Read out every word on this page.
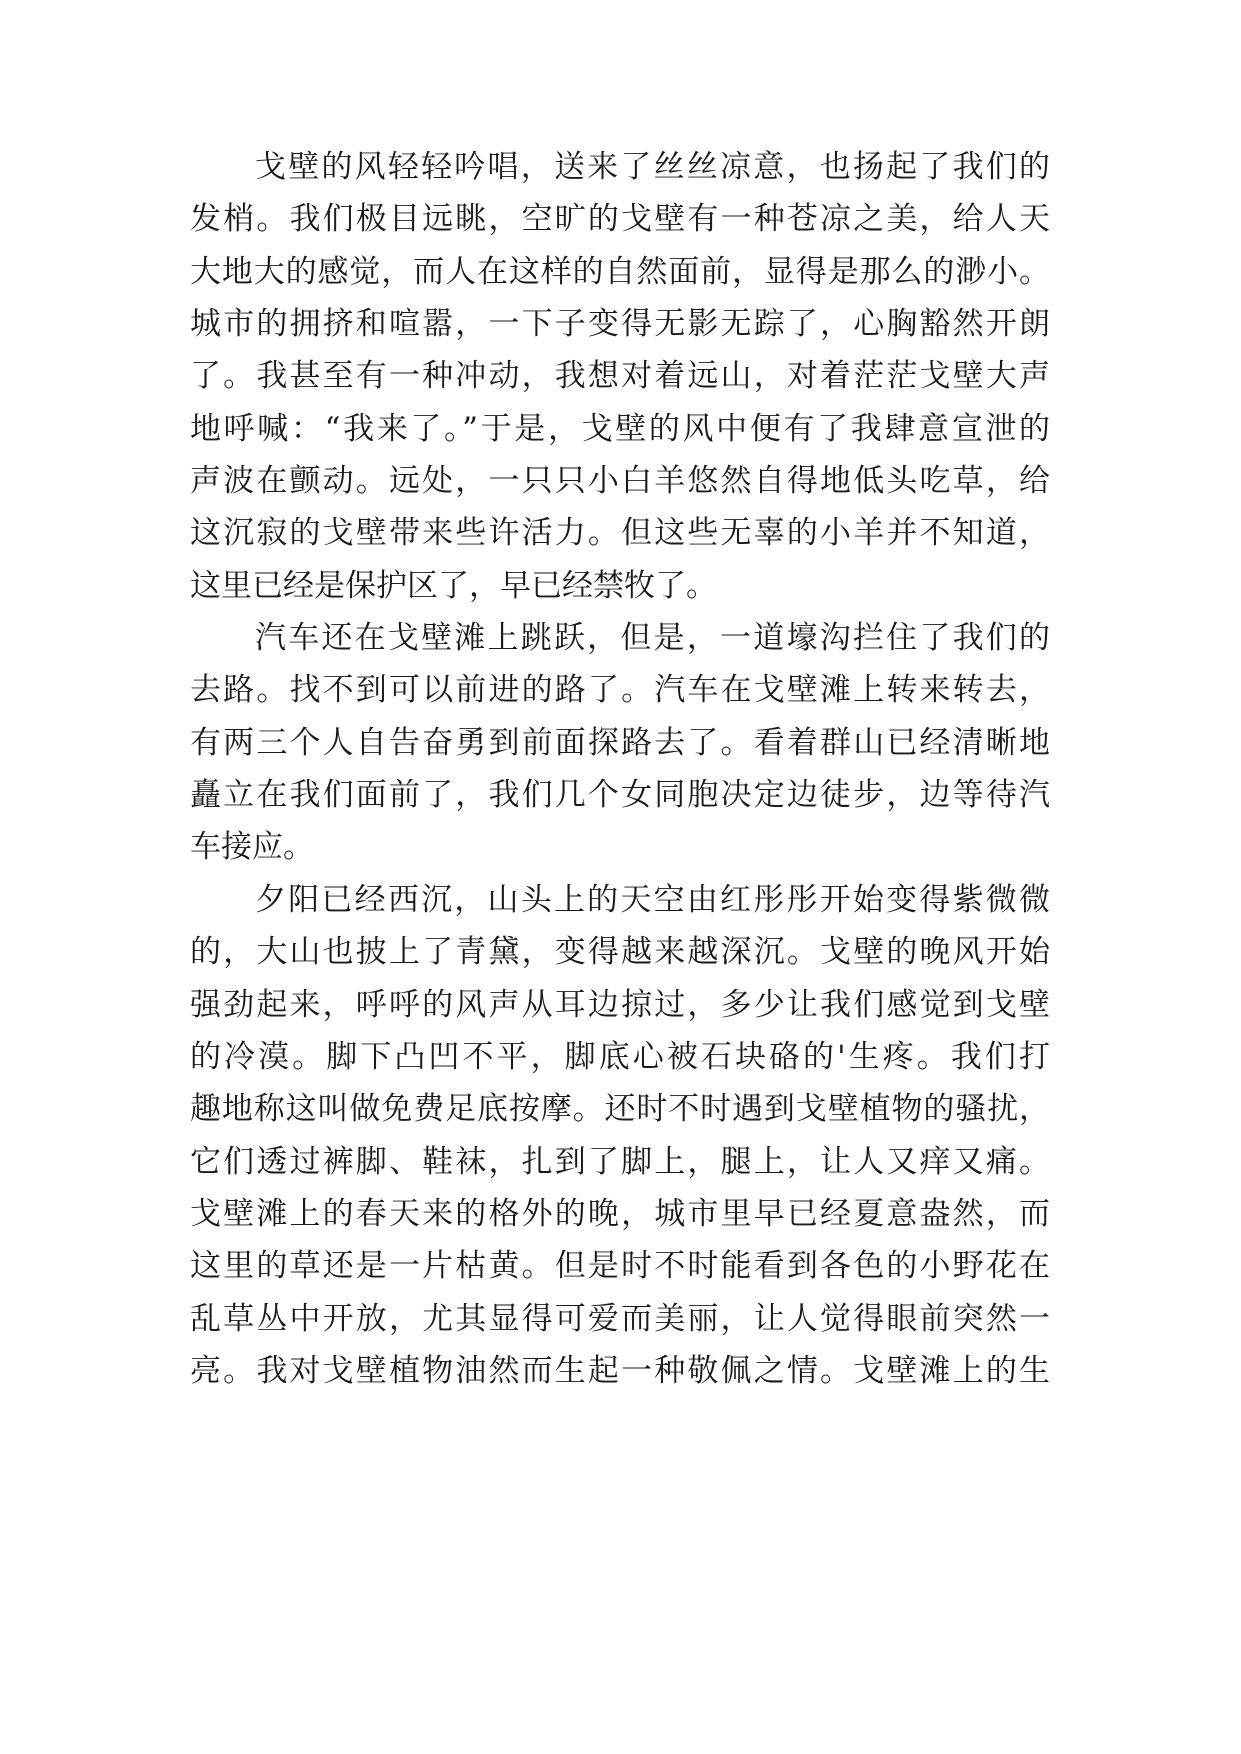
戈壁的风轻轻吟唱，送来了丝丝凉意，也扬起了我们的
发梢。我们极目远眺，空旷的戈壁有一种苍凉之美，给人天
大地大的感觉，而人在这样的自然面前，显得是那么的渺小。
城市的拥挤和喧嚣，一下子变得无影无踪了，心胸豁然开朗
了。我甚至有一种冲动，我想对着远山，对着茫茫戈壁大声
地呼喊：“我来了。”于是，戈壁的风中便有了我肆意宣泄的
声波在颤动。远处，一只只小白羊悠然自得地低头吃草，给
这沉寂的戈壁带来些许活力。但这些无辜的小羊并不知道，
这里已经是保护区了，早已经禁牧了。
汽车还在戈壁滩上跳跃，但是，一道壕沟拦住了我们的
去路。找不到可以前进的路了。汽车在戈壁滩上转来转去，
有两三个人自告奋勇到前面探路去了。看着群山已经清晰地
矗立在我们面前了，我们几个女同胞决定边徒步，边等待汽
车接应。
夕阳已经西沉，山头上的天空由红彤彤开始变得紫微微
的，大山也披上了青黛，变得越来越深沉。戈壁的晚风开始
强劲起来，呼呼的风声从耳边掠过，多少让我们感觉到戈壁
的冷漠。脚下凸凹不平，脚底心被石块硌的'生疼。我们打
趣地称这叫做免费足底按摩。还时不时遇到戈壁植物的骚扰，
它们透过裤脚、鞋袜，扎到了脚上，腿上，让人又痒又痛。
戈壁滩上的春天来的格外的晚，城市里早已经夏意盎然，而
这里的草还是一片枯黄。但是时不时能看到各色的小野花在
乱草丛中开放，尤其显得可爱而美丽，让人觉得眼前突然一
亮。我对戈壁植物油然而生起一种敬佩之情。戈壁滩上的生
